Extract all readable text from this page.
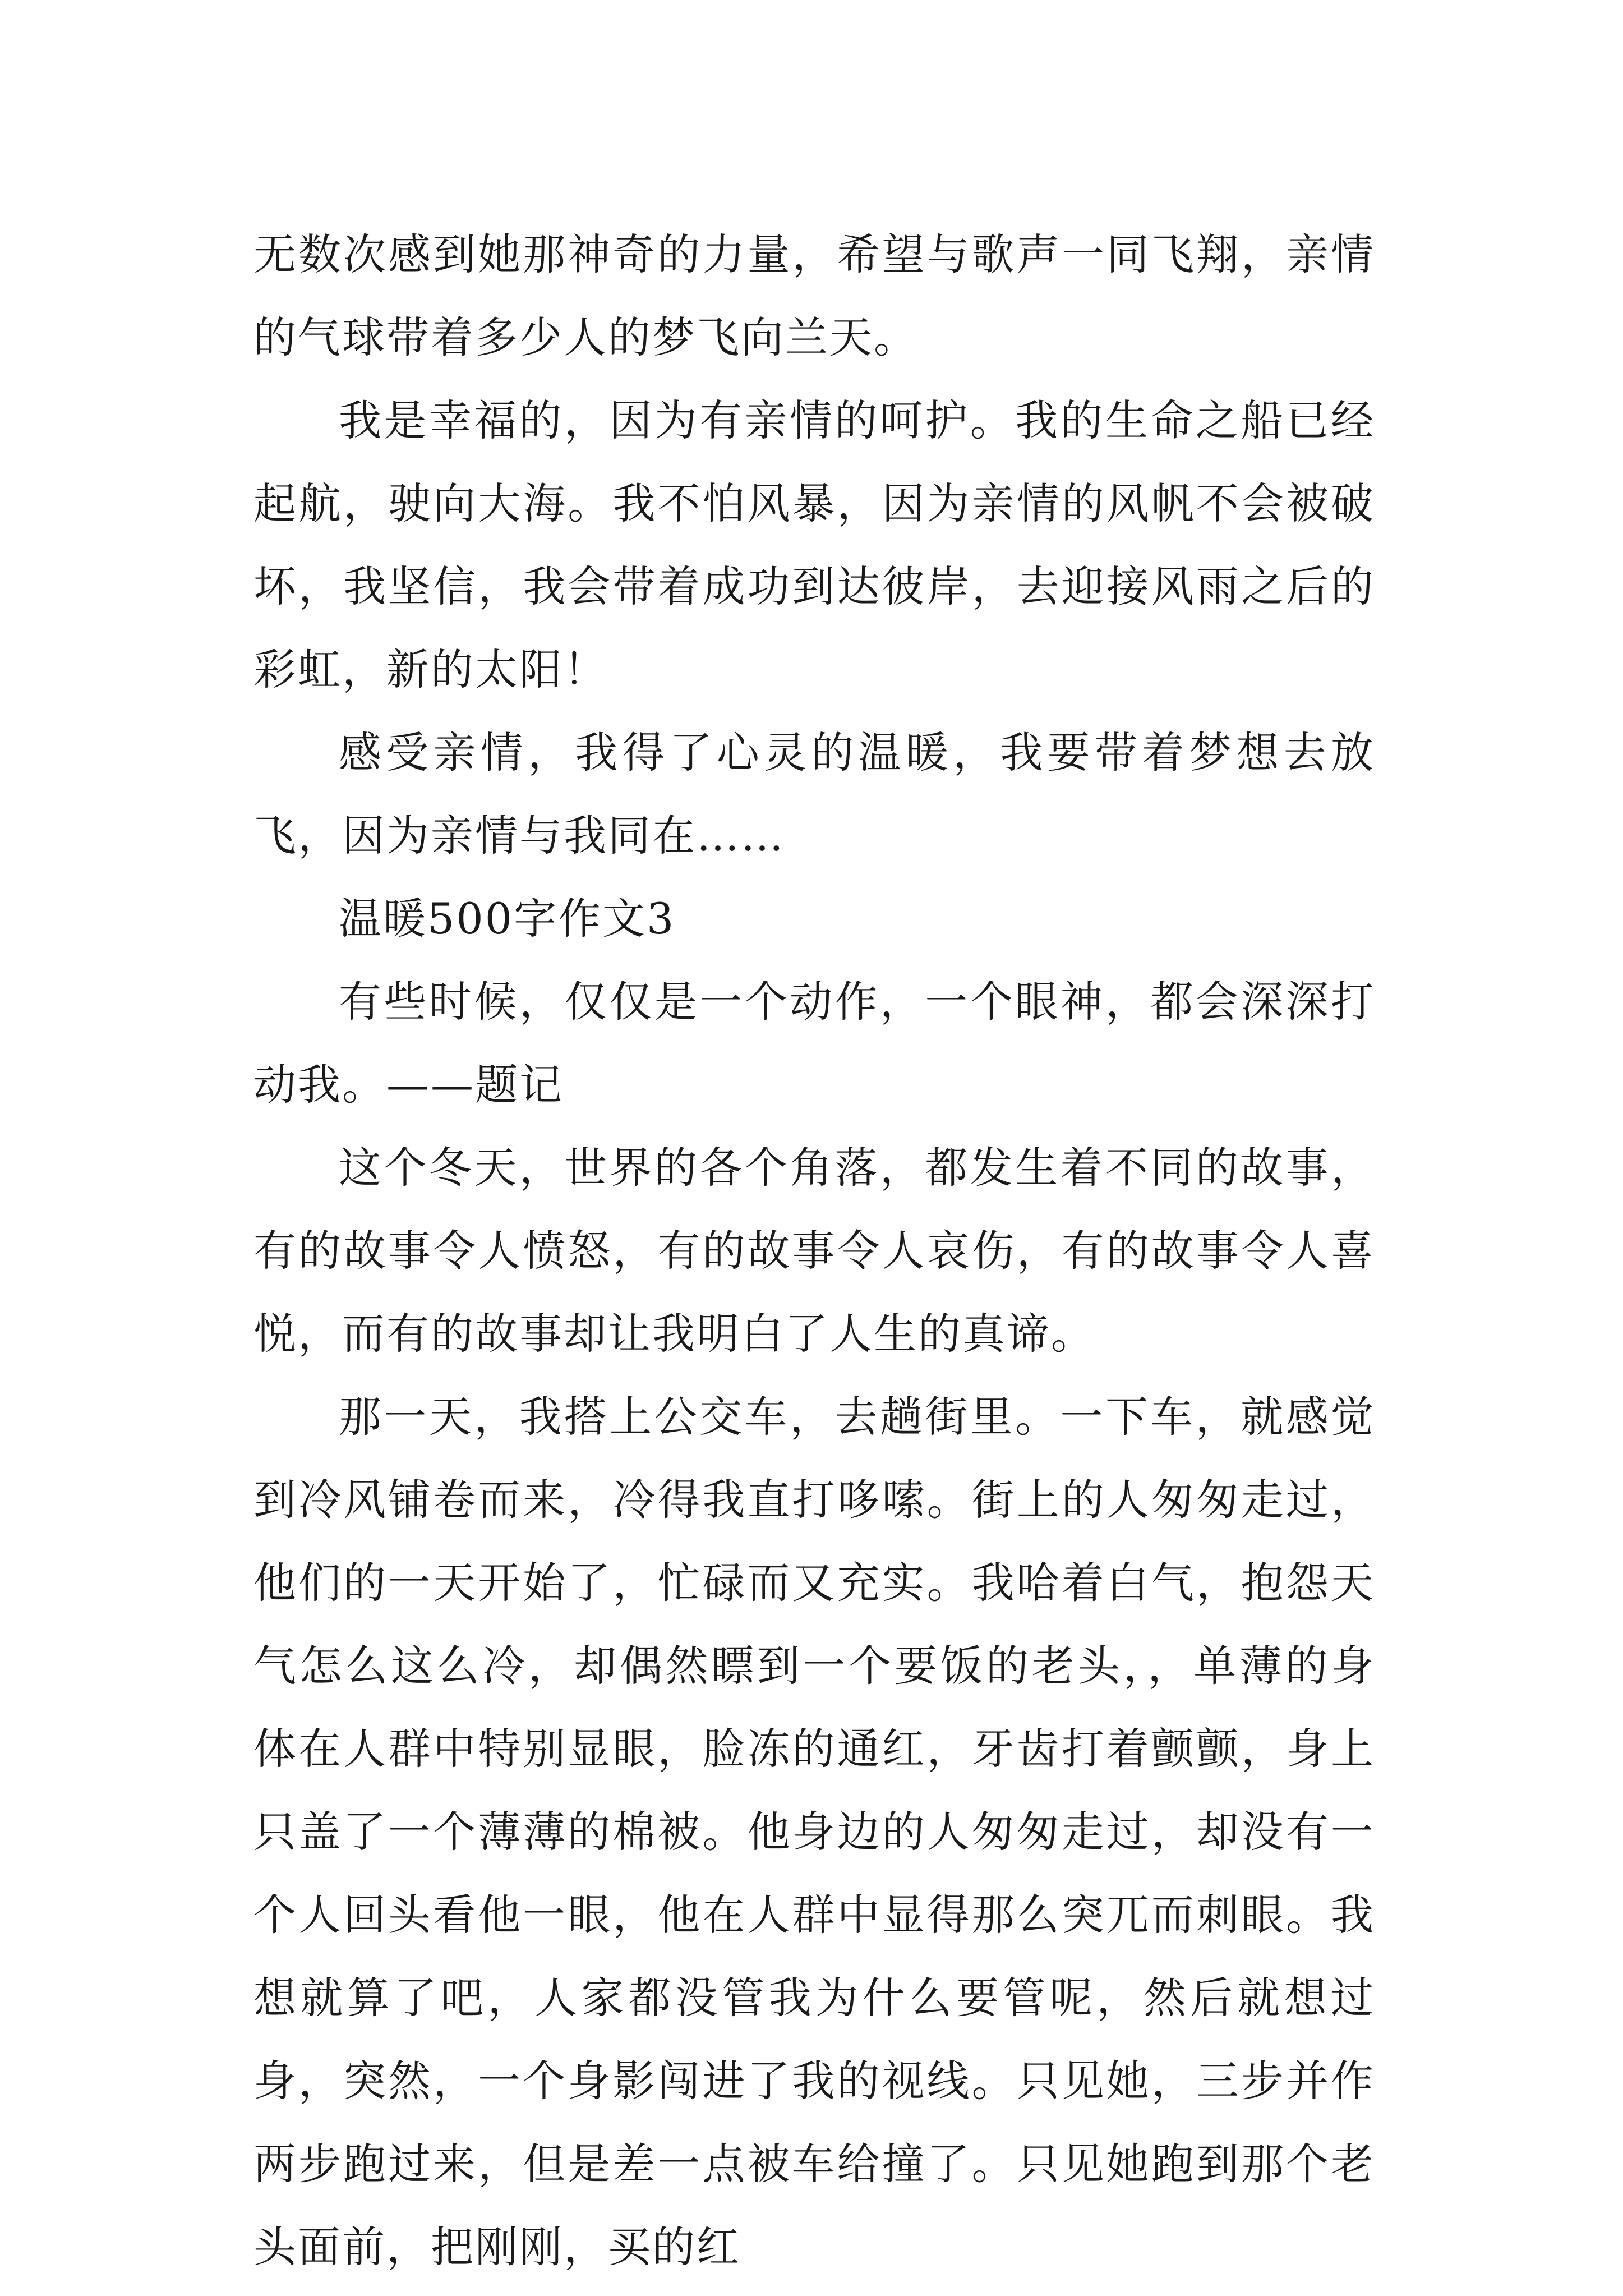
无数次感到她那神奇的力量，希望与歌声一同飞翔，亲情的气球带着多少人的梦飞向兰天。

我是幸福的，因为有亲情的呵护。我的生命之船已经起航，驶向大海。我不怕风暴，因为亲情的风帆不会被破坏，我坚信，我会带着成功到达彼岸，去迎接风雨之后的彩虹，新的太阳！

感受亲情，我得了心灵的温暖，我要带着梦想去放飞，因为亲情与我同在……

温暖500字作文3

有些时候，仅仅是一个动作，一个眼神，都会深深打动我。——题记

这个冬天，世界的各个角落，都发生着不同的故事，有的故事令人愤怒，有的故事令人哀伤，有的故事令人喜悦，而有的故事却让我明白了人生的真谛。

那一天，我搭上公交车，去趟街里。一下车，就感觉到冷风铺卷而来，冷得我直打哆嗦。街上的人匆匆走过，他们的一天开始了，忙碌而又充实。我哈着白气，抱怨天气怎么这么冷，却偶然瞟到一个要饭的老头，，单薄的身体在人群中特别显眼，脸冻的通红，牙齿打着颤颤，身上只盖了一个薄薄的棉被。他身边的人匆匆走过，却没有一个人回头看他一眼，他在人群中显得那么突兀而刺眼。我想就算了吧，人家都没管我为什么要管呢，然后就想过身，突然，一个身影闯进了我的视线。只见她，三步并作两步跑过来，但是差一点被车给撞了。只见她跑到那个老头面前，把刚刚，买的红
